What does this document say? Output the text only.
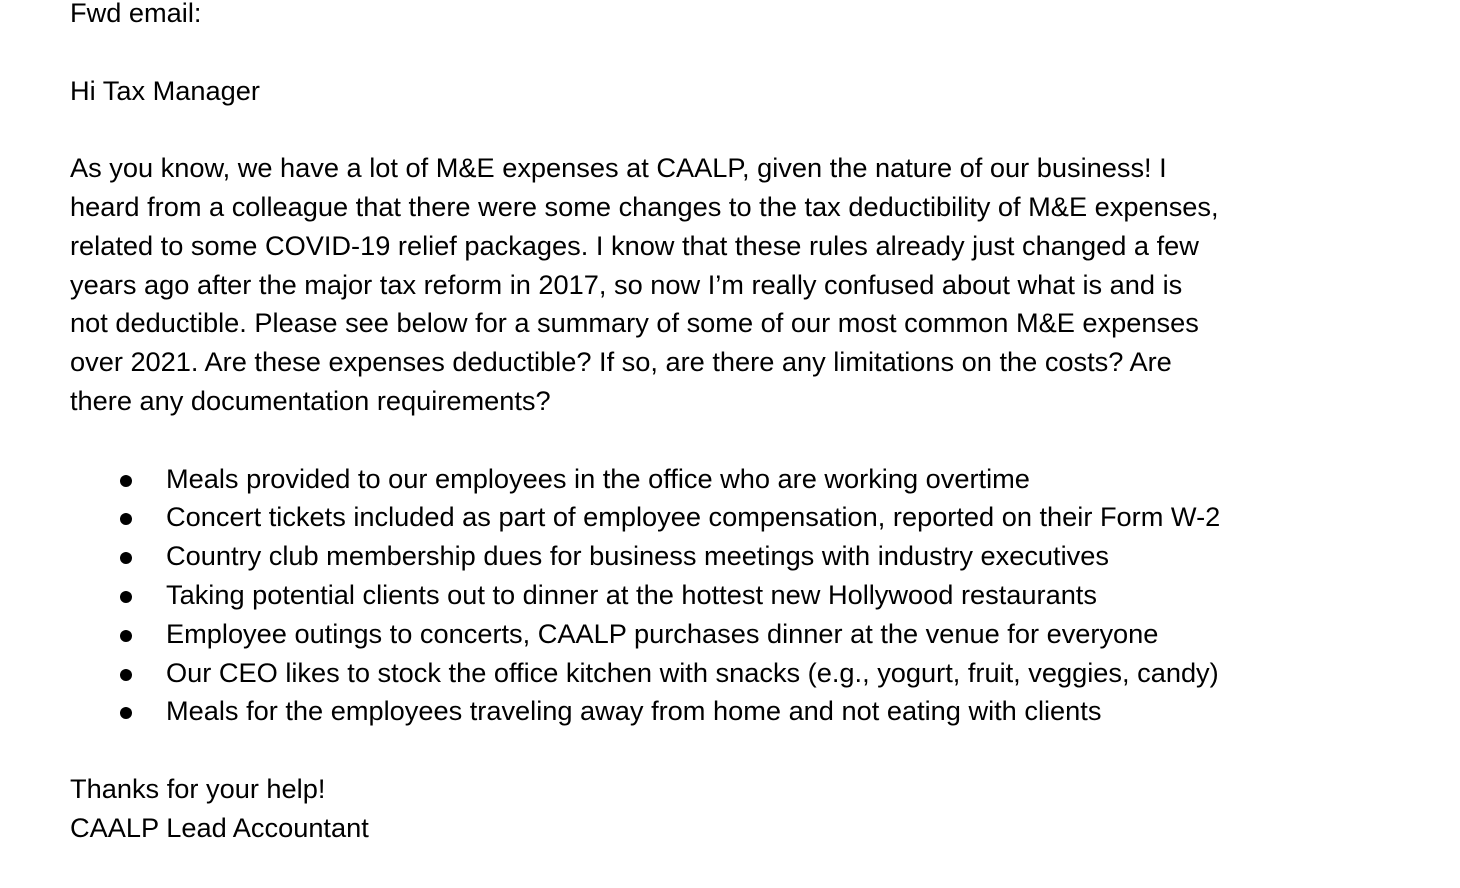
Fwd email:

Hi Tax Manager

As you know, we have a lot of M&E expenses at CAALP, given the nature of our business! I
heard from a colleague that there were some changes to the tax deductibility of M&E expenses,
related to some COVID-19 relief packages. I know that these rules already just changed a few
years ago after the major tax reform in 2017, so now I’m really confused about what is and is
not deductible. Please see below for a summary of some of our most common M&E expenses
over 2021. Are these expenses deductible? If so, are there any limitations on the costs? Are
there any documentation requirements?
Meals provided to our employees in the office who are working overtime
Concert tickets included as part of employee compensation, reported on their Form W-2
Country club membership dues for business meetings with industry executives
Taking potential clients out to dinner at the hottest new Hollywood restaurants
Employee outings to concerts, CAALP purchases dinner at the venue for everyone
Our CEO likes to stock the office kitchen with snacks (e.g., yogurt, fruit, veggies, candy)
Meals for the employees traveling away from home and not eating with clients

Thanks for your help!

CAALP Lead Accountant
